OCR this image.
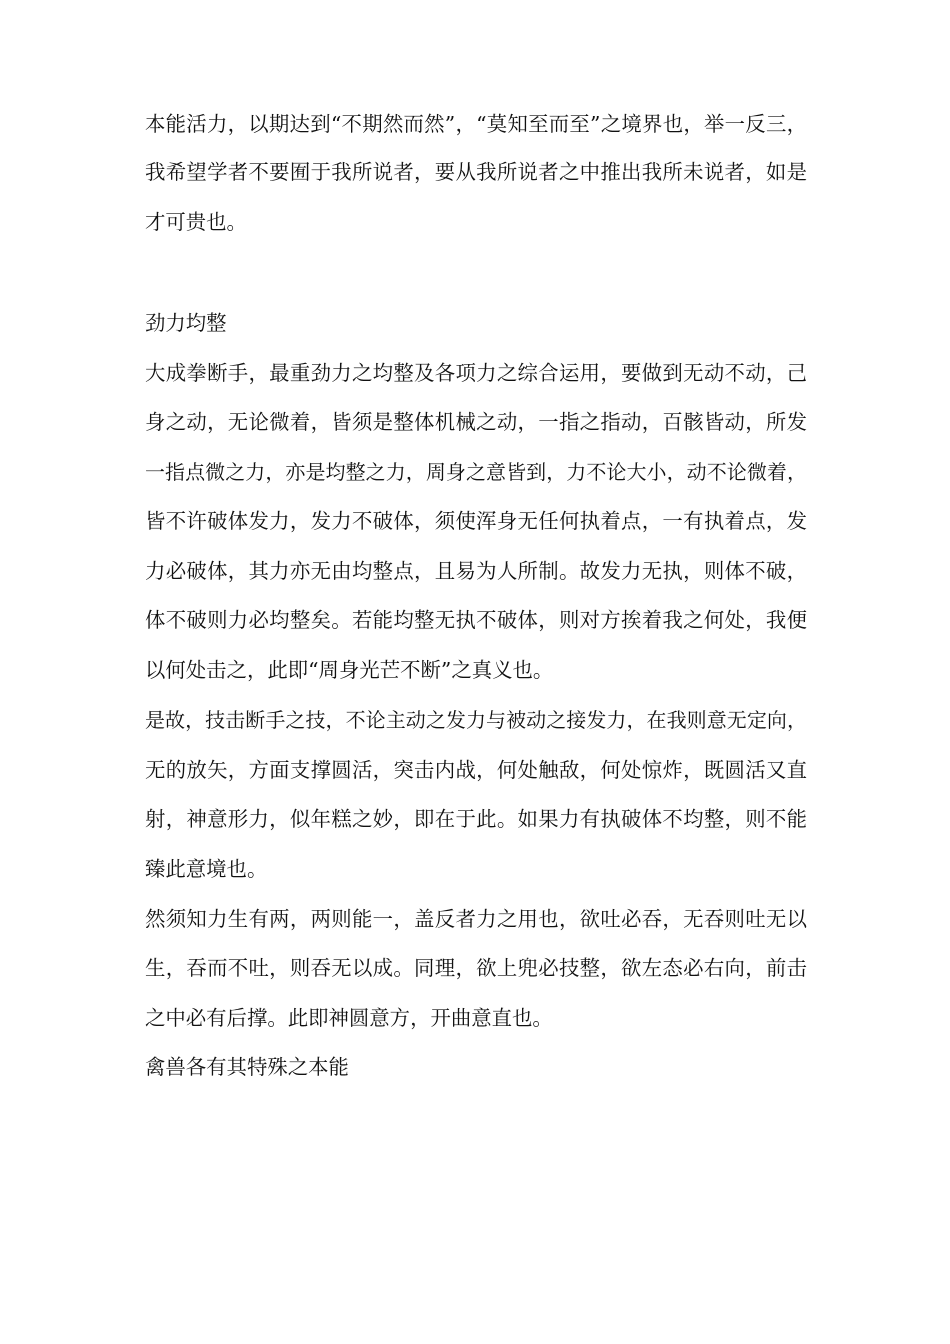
本能活力，以期达到“不期然而然”，“莫知至而至”之境界也，举一反三，
我希望学者不要囿于我所说者，要从我所说者之中推出我所未说者，如是
才可贵也。
劲力均整
大成拳断手，最重劲力之均整及各项力之综合运用，要做到无动不动，己
身之动，无论微着，皆须是整体机械之动，一指之指动，百骸皆动，所发
一指点微之力，亦是均整之力，周身之意皆到，力不论大小，动不论微着，
皆不许破体发力，发力不破体，须使浑身无任何执着点，一有执着点，发
力必破体，其力亦无由均整点，且易为人所制。故发力无执，则体不破，
体不破则力必均整矣。若能均整无执不破体，则对方挨着我之何处，我便
以何处击之，此即“周身光芒不断”之真义也。
是故，技击断手之技，不论主动之发力与被动之接发力，在我则意无定向，
无的放矢，方面支撑圆活，突击内战，何处触敌，何处惊炸，既圆活又直
射，神意形力，似年糕之妙，即在于此。如果力有执破体不均整，则不能
臻此意境也。
然须知力生有两，两则能一，盖反者力之用也，欲吐必吞，无吞则吐无以
生，吞而不吐，则吞无以成。同理，欲上兜必技整，欲左态必右向，前击
之中必有后撑。此即神圆意方，开曲意直也。
禽兽各有其特殊之本能
